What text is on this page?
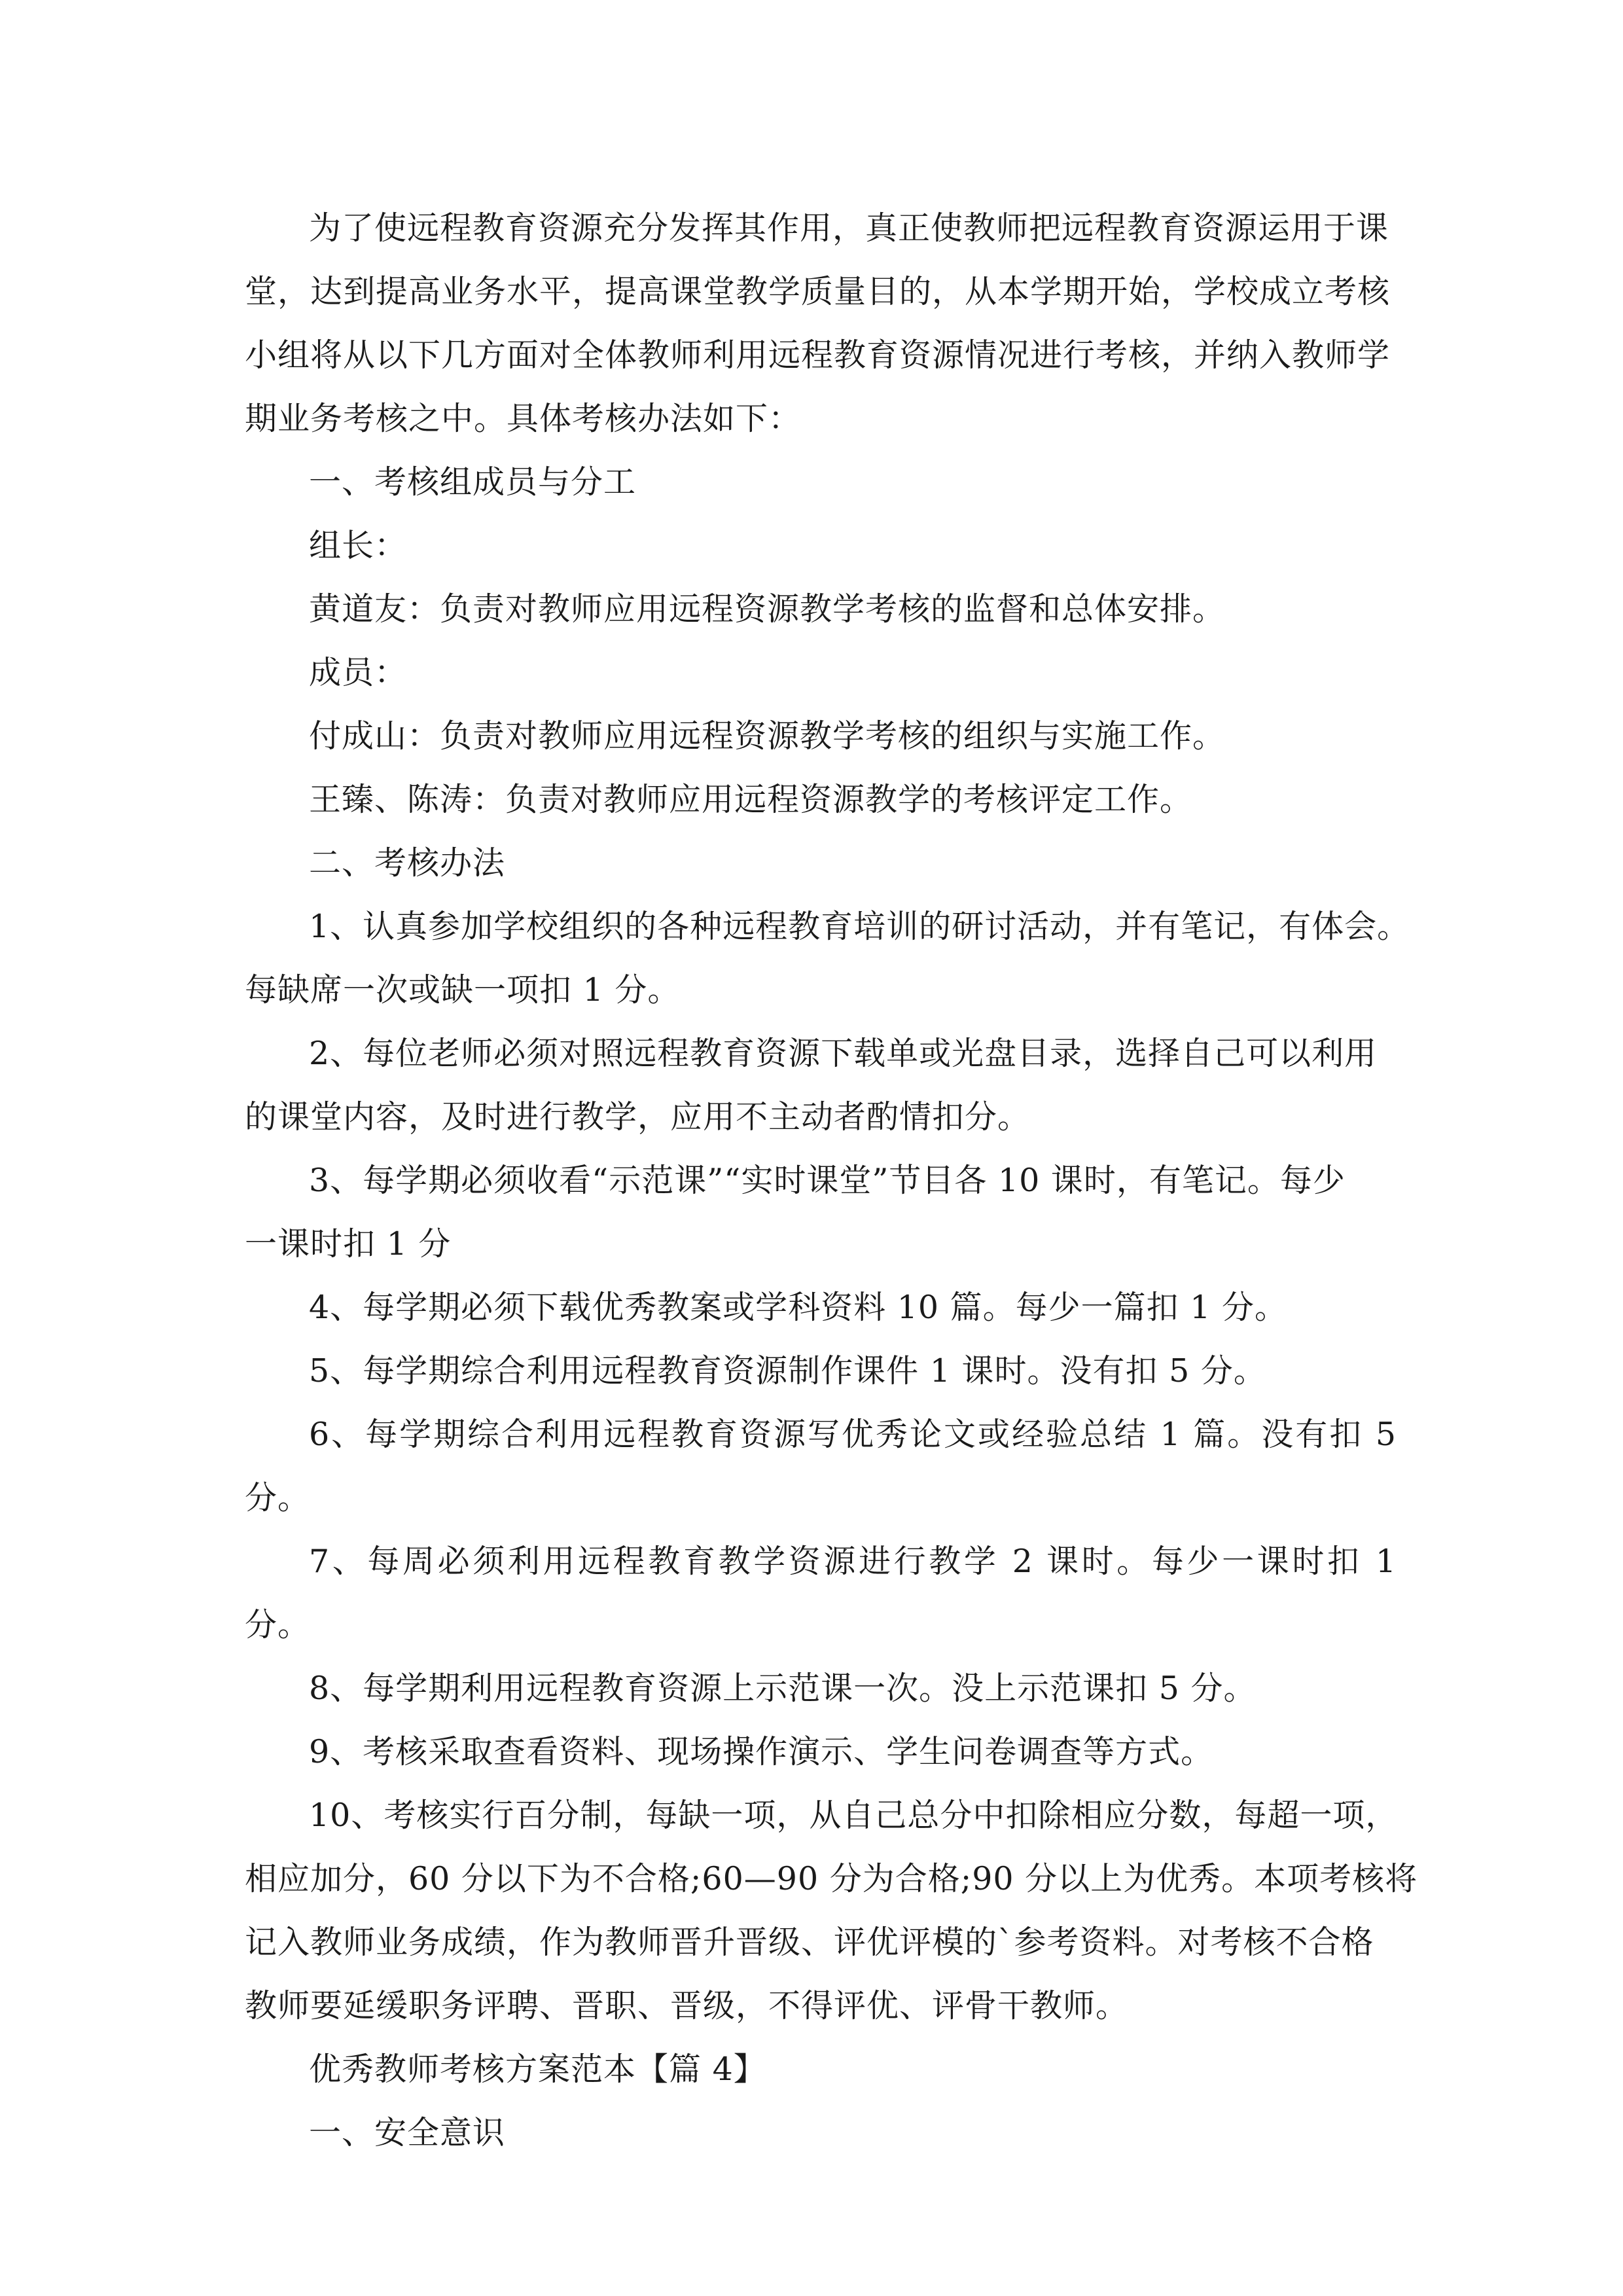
为了使远程教育资源充分发挥其作用，真正使教师把远程教育资源运用于课
堂，达到提高业务水平，提高课堂教学质量目的，从本学期开始，学校成立考核
小组将从以下几方面对全体教师利用远程教育资源情况进行考核，并纳入教师学
期业务考核之中。具体考核办法如下：

一、考核组成员与分工

组长：

黄道友：负责对教师应用远程资源教学考核的监督和总体安排。

成员：

付成山：负责对教师应用远程资源教学考核的组织与实施工作。

王臻、陈涛：负责对教师应用远程资源教学的考核评定工作。

二、考核办法

1、认真参加学校组织的各种远程教育培训的研讨活动，并有笔记，有体会。
每缺席一次或缺一项扣 1 分。

2、每位老师必须对照远程教育资源下载单或光盘目录，选择自己可以利用
的课堂内容，及时进行教学，应用不主动者酌情扣分。

3、每学期必须收看“示范课”“实时课堂”节目各 10 课时，有笔记。每少
一课时扣 1 分

4、每学期必须下载优秀教案或学科资料 10 篇。每少一篇扣 1 分。

5、每学期综合利用远程教育资源制作课件 1 课时。没有扣 5 分。

6、每学期综合利用远程教育资源写优秀论文或经验总结 1 篇。没有扣 5 分。

7、每周必须利用远程教育教学资源进行教学 2 课时。每少一课时扣 1 分。

8、每学期利用远程教育资源上示范课一次。没上示范课扣 5 分。

9、考核采取查看资料、现场操作演示、学生问卷调查等方式。

10、考核实行百分制，每缺一项，从自己总分中扣除相应分数，每超一项，
相应加分，60 分以下为不合格;60—90 分为合格;90 分以上为优秀。本项考核将
记入教师业务成绩，作为教师晋升晋级、评优评模的`参考资料。对考核不合格
教师要延缓职务评聘、晋职、晋级，不得评优、评骨干教师。

优秀教师考核方案范本【篇 4】

一、安全意识
